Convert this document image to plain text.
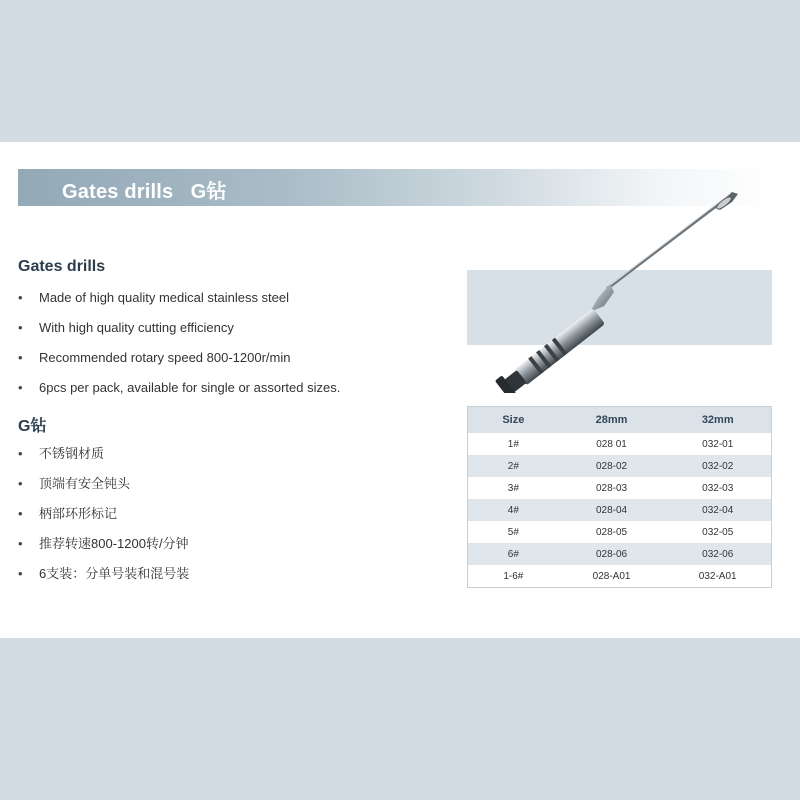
Gates drills   G钻
Gates drills
• Made of high quality medical stainless steel
• With high quality cutting efficiency
• Recommended rotary speed 800-1200r/min
• 6pcs per pack, available for single or assorted sizes.
G钻
• 不锈钢材质
• 顶端有安全钝头
• 柄部环形标记
• 推荐转速800-1200转/分钟
• 6支装：分单号装和混号装
Size	28mm	32mm
1#	028 01	032-01
2#	028-02	032-02
3#	028-03	032-03
4#	028-04	032-04
5#	028-05	032-05
6#	028-06	032-06
1-6#	028-A01	032-A01
